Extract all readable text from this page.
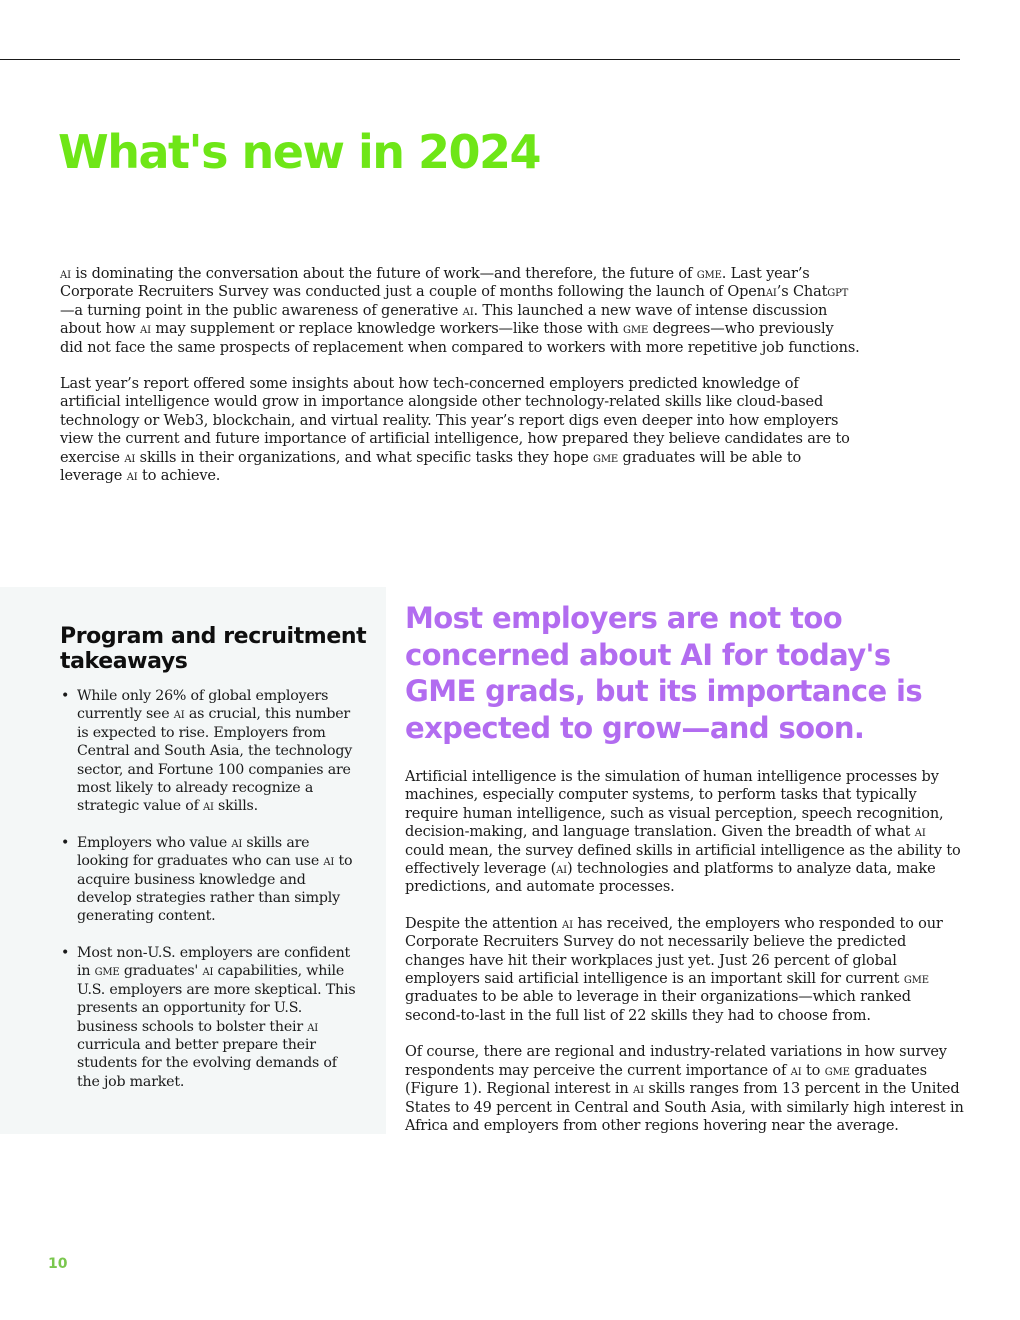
What's new in 2024

ai is dominating the conversation about the future of work—and therefore, the future of gme. Last year’s Corporate Recruiters Survey was conducted just a couple of months following the launch of Openai’s Chatgpt—a turning point in the public awareness of generative ai. This launched a new wave of intense discussion about how ai may supplement or replace knowledge workers—like those with gme degrees—who previously did not face the same prospects of replacement when compared to workers with more repetitive job functions.

Last year’s report offered some insights about how tech-concerned employers predicted knowledge of artificial intelligence would grow in importance alongside other technology-related skills like cloud-based technology or Web3, blockchain, and virtual reality. This year’s report digs even deeper into how employers view the current and future importance of artificial intelligence, how prepared they believe candidates are to exercise ai skills in their organizations, and what specific tasks they hope gme graduates will be able to leverage ai to achieve.

Program and recruitment takeaways
• While only 26% of global employers currently see ai as crucial, this number is expected to rise. Employers from Central and South Asia, the technology sector, and Fortune 100 companies are most likely to already recognize a strategic value of ai skills.
• Employers who value ai skills are looking for graduates who can use ai to acquire business knowledge and develop strategies rather than simply generating content.
• Most non-U.S. employers are confident in gme graduates' ai capabilities, while U.S. employers are more skeptical. This presents an opportunity for U.S. business schools to bolster their ai curricula and better prepare their students for the evolving demands of the job market.

Most employers are not too concerned about AI for today's GME grads, but its importance is expected to grow—and soon.

Artificial intelligence is the simulation of human intelligence processes by machines, especially computer systems, to perform tasks that typically require human intelligence, such as visual perception, speech recognition, decision-making, and language translation. Given the breadth of what ai could mean, the survey defined skills in artificial intelligence as the ability to effectively leverage (ai) technologies and platforms to analyze data, make predictions, and automate processes.

Despite the attention ai has received, the employers who responded to our Corporate Recruiters Survey do not necessarily believe the predicted changes have hit their workplaces just yet. Just 26 percent of global employers said artificial intelligence is an important skill for current gme graduates to be able to leverage in their organizations—which ranked second-to-last in the full list of 22 skills they had to choose from.

Of course, there are regional and industry-related variations in how survey respondents may perceive the current importance of ai to gme graduates (Figure 1). Regional interest in ai skills ranges from 13 percent in the United States to 49 percent in Central and South Asia, with similarly high interest in Africa and employers from other regions hovering near the average.

10
